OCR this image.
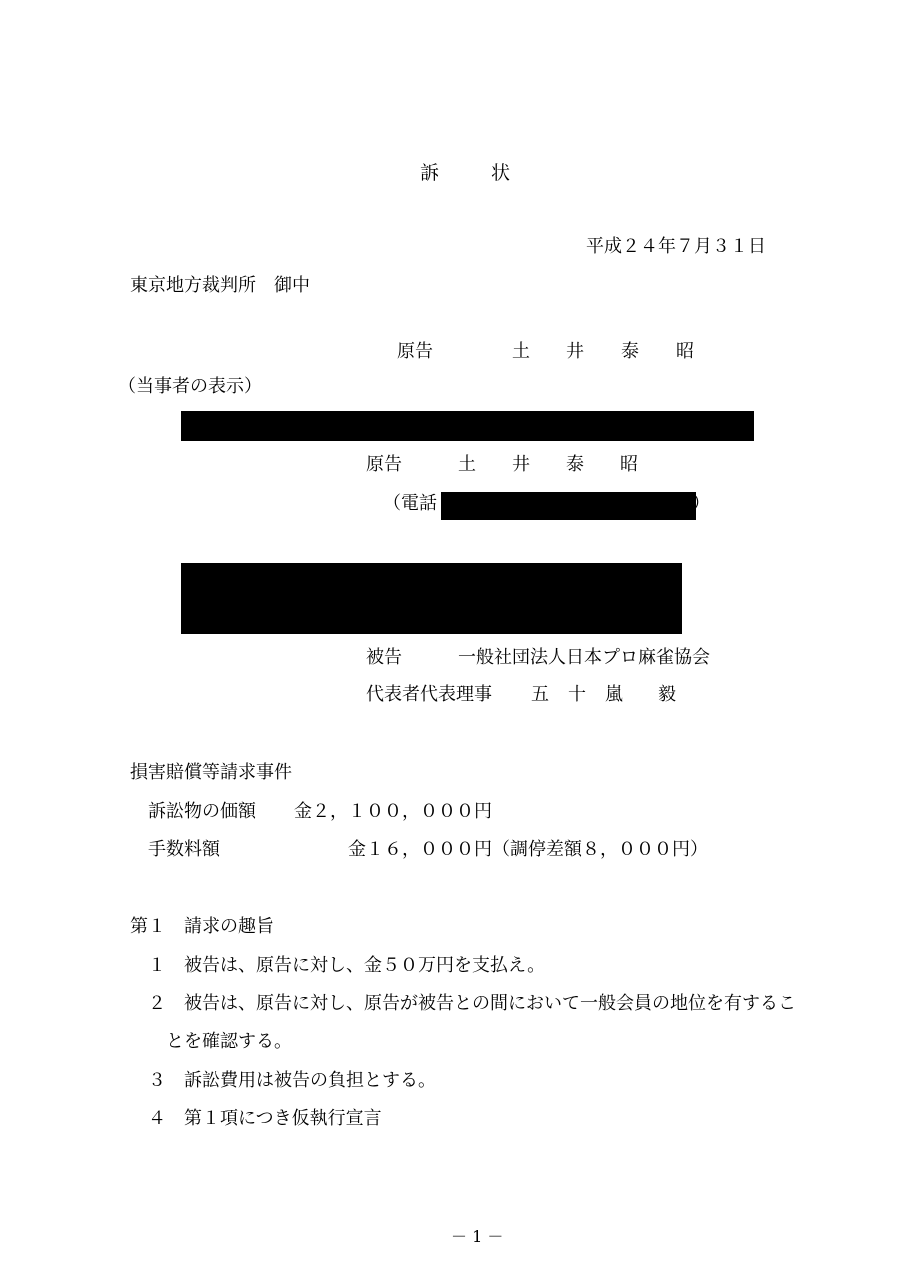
訴	状
平成２４年７月３１日
東京地方裁判所　御中
原告	土 井 泰 昭
（当事者の表示）
原告	土 井 泰 昭
（電話	）
被告	一般社団法人日本プロ麻雀協会
代表者代表理事 五 十 嵐 毅
損害賠償等請求事件
訴訟物の価額 金２，１００，０００円
手数料額	金１６，０００円（調停差額８，０００円）
第１　請求の趣旨
１　被告は、原告に対し、金５０万円を支払え。
２　被告は、原告に対し、原告が被告との間において一般会員の地位を有するこ
とを確認する。
３　訴訟費用は被告の負担とする。
４　第１項につき仮執行宣言
－ 1 －
